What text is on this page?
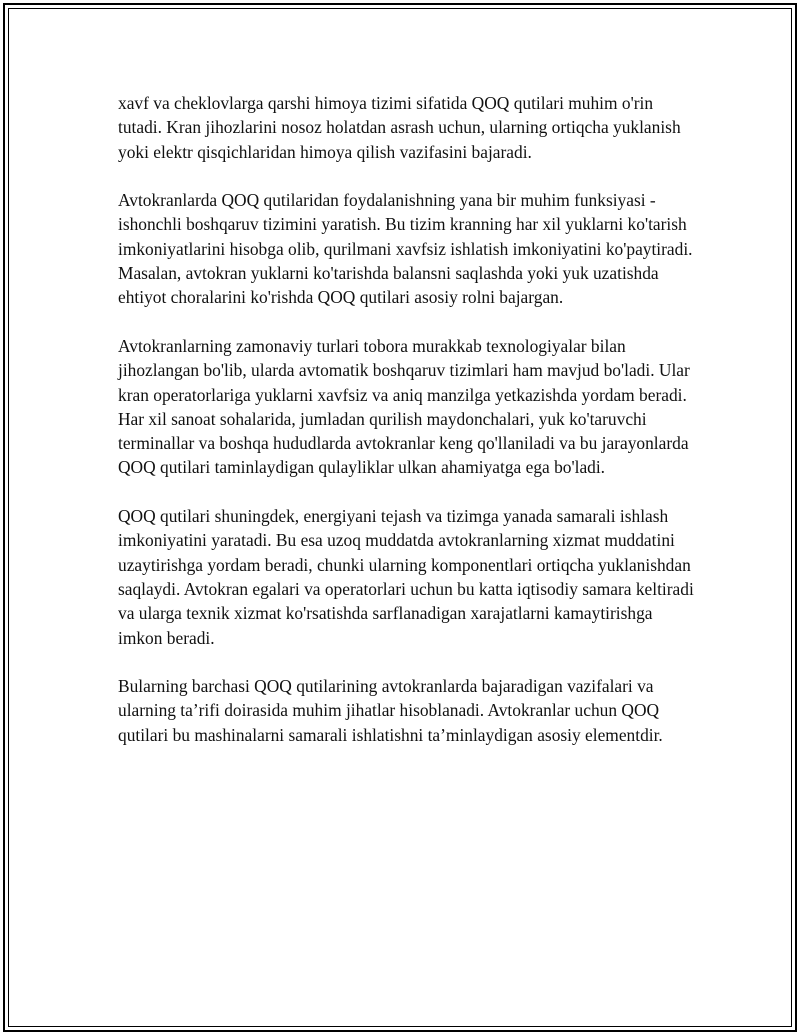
xavf va cheklovlarga qarshi himoya tizimi sifatida QOQ qutilari muhim o'rin tutadi. Kran jihozlarini nosoz holatdan asrash uchun, ularning ortiqcha yuklanish yoki elektr qisqichlaridan himoya qilish vazifasini bajaradi.

Avtokranlarda QOQ qutilaridan foydalanishning yana bir muhim funksiyasi - ishonchli boshqaruv tizimini yaratish. Bu tizim kranning har xil yuklarni ko'tarish imkoniyatlarini hisobga olib, qurilmani xavfsiz ishlatish imkoniyatini ko'paytiradi. Masalan, avtokran yuklarni ko'tarishda balansni saqlashda yoki yuk uzatishda ehtiyot choralarini ko'rishda QOQ qutilari asosiy rolni bajargan.

Avtokranlarning zamonaviy turlari tobora murakkab texnologiyalar bilan jihozlangan bo'lib, ularda avtomatik boshqaruv tizimlari ham mavjud bo'ladi. Ular kran operatorlariga yuklarni xavfsiz va aniq manzilga yetkazishda yordam beradi. Har xil sanoat sohalarida, jumladan qurilish maydonchalari, yuk ko'taruvchi terminallar va boshqa hududlarda avtokranlar keng qo'llaniladi va bu jarayonlarda QOQ qutilari taminlaydigan qulayliklar ulkan ahamiyatga ega bo'ladi.

QOQ qutilari shuningdek, energiyani tejash va tizimga yanada samarali ishlash imkoniyatini yaratadi. Bu esa uzoq muddatda avtokranlarning xizmat muddatini uzaytirishga yordam beradi, chunki ularning komponentlari ortiqcha yuklanishdan saqlaydi. Avtokran egalari va operatorlari uchun bu katta iqtisodiy samara keltiradi va ularga texnik xizmat ko'rsatishda sarflanadigan xarajatlarni kamaytirishga imkon beradi.

Bularning barchasi QOQ qutilarining avtokranlarda bajaradigan vazifalari va ularning ta’rifi doirasida muhim jihatlar hisoblanadi. Avtokranlar uchun QOQ qutilari bu mashinalarni samarali ishlatishni ta’minlaydigan asosiy elementdir.
